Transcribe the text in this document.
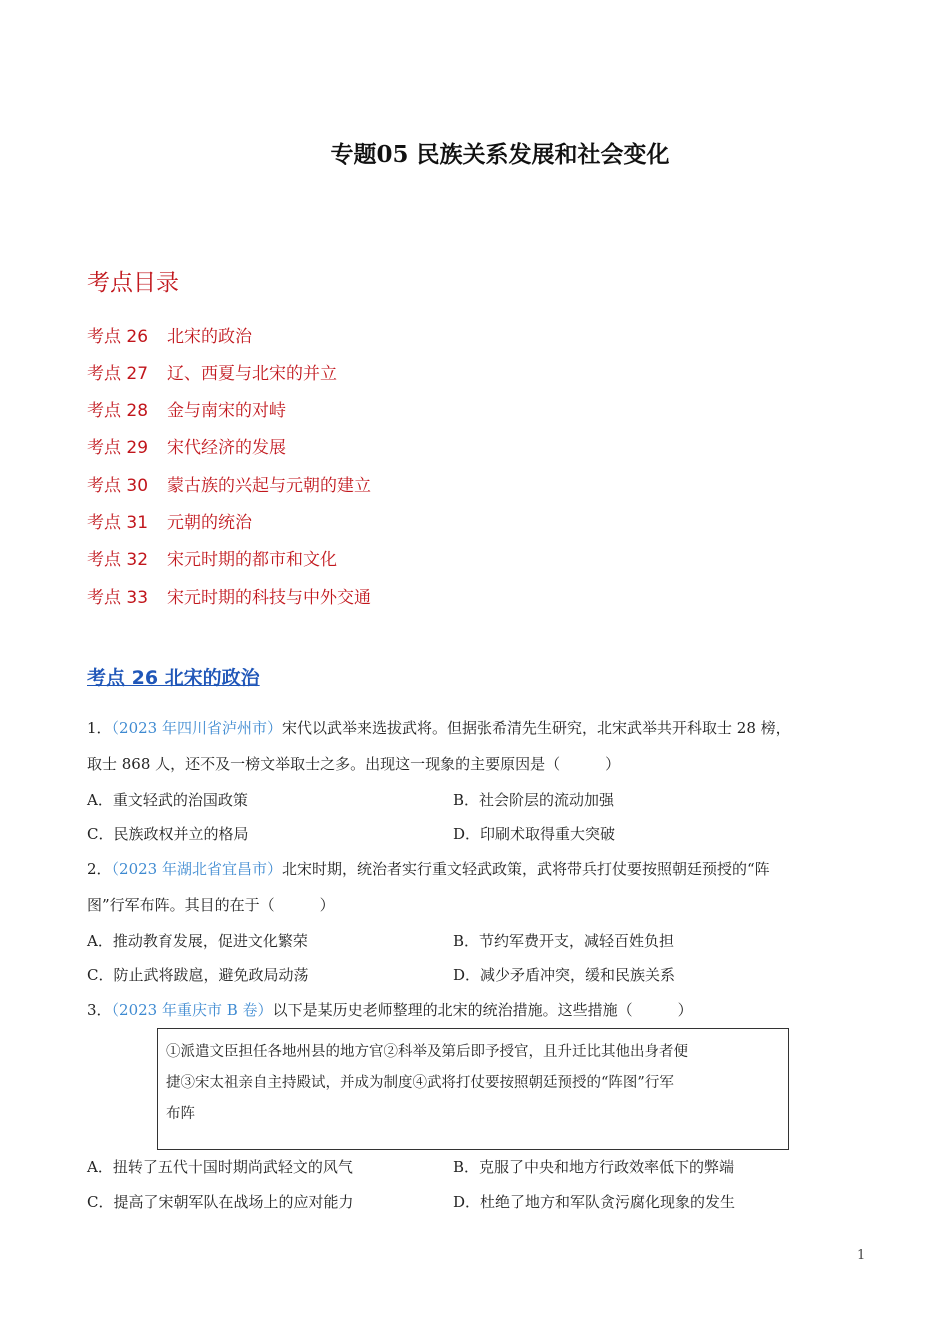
专题05 民族关系发展和社会变化
考点目录
考点 26 北宋的政治
考点 27 辽、西夏与北宋的并立
考点 28 金与南宋的对峙
考点 29 宋代经济的发展
考点 30 蒙古族的兴起与元朝的建立
考点 31 元朝的统治
考点 32 宋元时期的都市和文化
考点 33 宋元时期的科技与中外交通
考点 26 北宋的政治
1．（2023 年四川省泸州市）宋代以武举来选拔武将。但据张希清先生研究，北宋武举共开科取士 28 榜，
取士 868 人，还不及一榜文举取士之多。出现这一现象的主要原因是（　　　）
A．重文轻武的治国政策	B．社会阶层的流动加强
C．民族政权并立的格局	D．印刷术取得重大突破
2．（2023 年湖北省宜昌市）北宋时期，统治者实行重文轻武政策，武将带兵打仗要按照朝廷预授的“阵
图”行军布阵。其目的在于（　　　）
A．推动教育发展，促进文化繁荣	B．节约军费开支，减轻百姓负担
C．防止武将跋扈，避免政局动荡	D．减少矛盾冲突，缓和民族关系
3．（2023 年重庆市 B 卷）以下是某历史老师整理的北宋的统治措施。这些措施（　　　）
①派遣文臣担任各地州县的地方官②科举及第后即予授官，且升迁比其他出身者便
捷③宋太祖亲自主持殿试，并成为制度④武将打仗要按照朝廷预授的“阵图”行军
布阵
A．扭转了五代十国时期尚武轻文的风气	B．克服了中央和地方行政效率低下的弊端
C．提高了宋朝军队在战场上的应对能力	D．杜绝了地方和军队贪污腐化现象的发生
1
